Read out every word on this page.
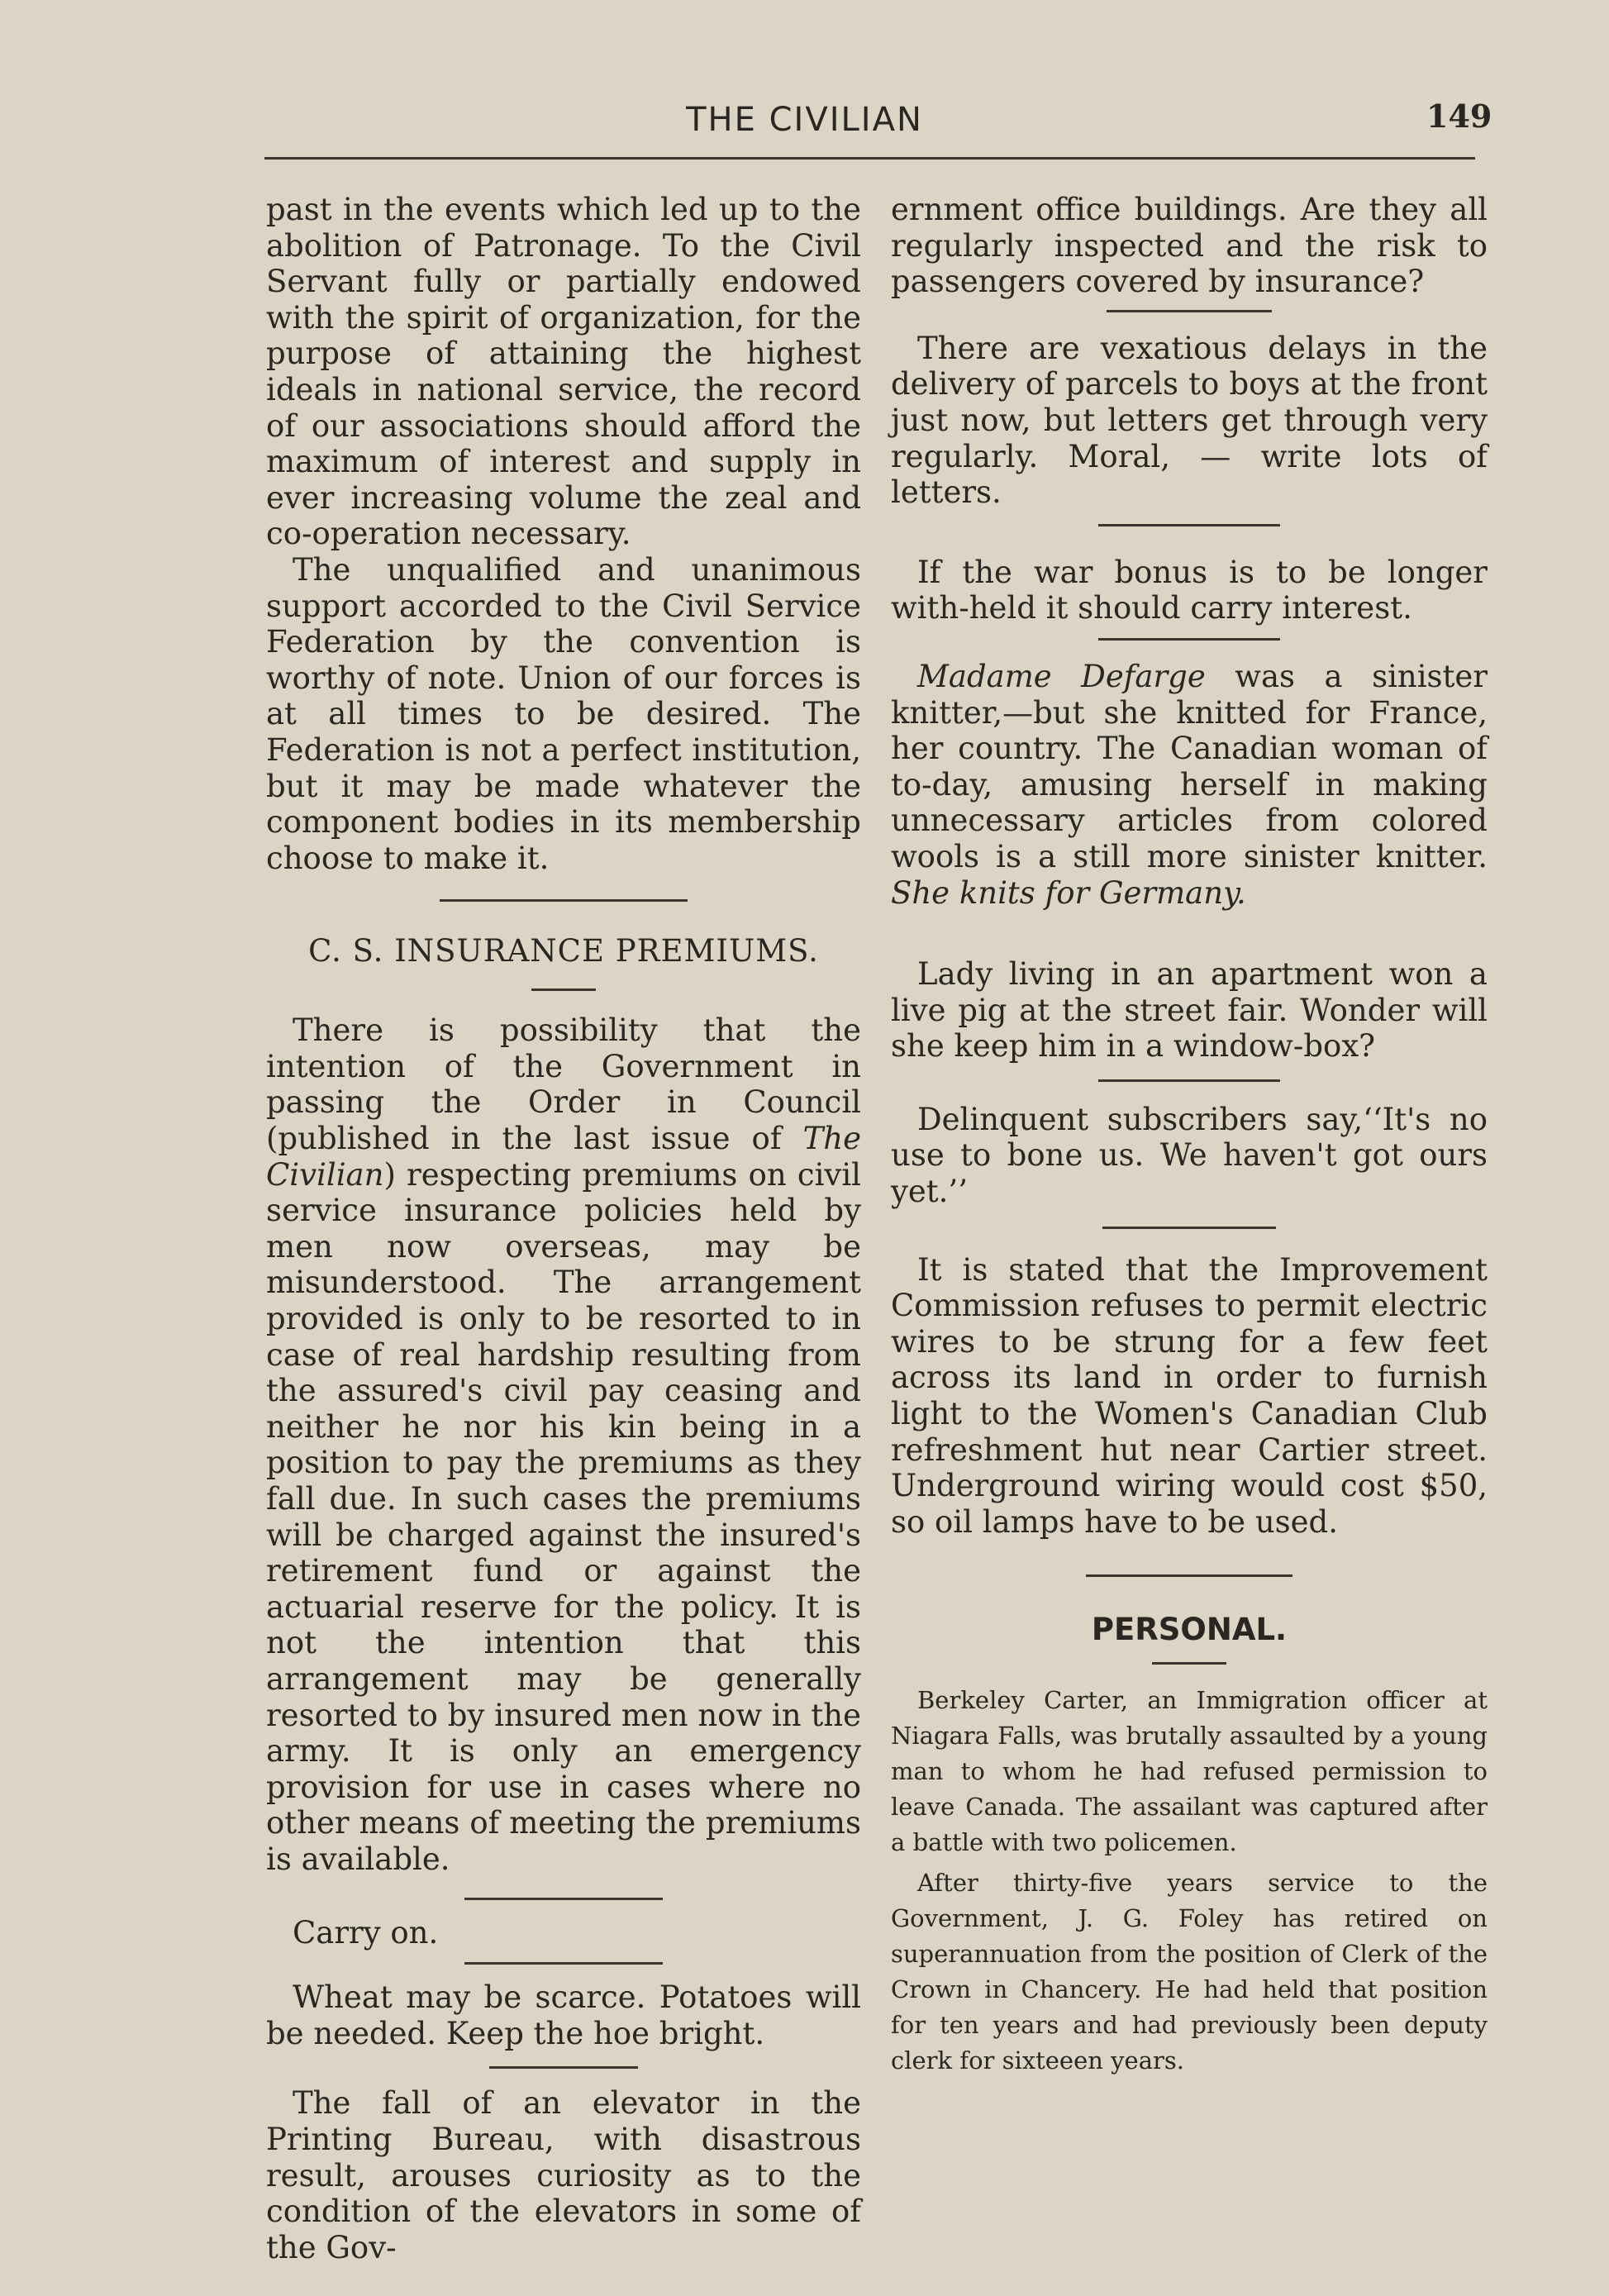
THE CIVILIAN	149

past in the events which led up to the abolition of Patronage. To the Civil Servant fully or partially endowed with the spirit of organization, for the purpose of attaining the highest ideals in national service, the record of our associations should afford the maximum of interest and supply in ever increasing volume the zeal and co-operation necessary.

The unqualified and unanimous support accorded to the Civil Service Federation by the convention is worthy of note. Union of our forces is at all times to be desired. The Federation is not a perfect institution, but it may be made whatever the component bodies in its membership choose to make it.

C. S. INSURANCE PREMIUMS.

There is possibility that the intention of the Government in passing the Order in Council (published in the last issue of The Civilian) respecting premiums on civil service insurance policies held by men now overseas, may be misunderstood. The arrangement provided is only to be resorted to in case of real hardship resulting from the assured's civil pay ceasing and neither he nor his kin being in a position to pay the premiums as they fall due. In such cases the premiums will be charged against the insured's retirement fund or against the actuarial reserve for the policy. It is not the intention that this arrangement may be generally resorted to by insured men now in the army. It is only an emergency provision for use in cases where no other means of meeting the premiums is available.

Carry on.

Wheat may be scarce. Potatoes will be needed. Keep the hoe bright.

The fall of an elevator in the Printing Bureau, with disastrous result, arouses curiosity as to the condition of the elevators in some of the Gov-

ernment office buildings. Are they all regularly inspected and the risk to passengers covered by insurance?

There are vexatious delays in the delivery of parcels to boys at the front just now, but letters get through very regularly. Moral, — write lots of letters.

If the war bonus is to be longer with-held it should carry interest.

Madame Defarge was a sinister knitter,—but she knitted for France, her country. The Canadian woman of to-day, amusing herself in making unnecessary articles from colored wools is a still more sinister knitter. She knits for Germany.

Lady living in an apartment won a live pig at the street fair. Wonder will she keep him in a window-box?

Delinquent subscribers say,‘‘It's no use to bone us. We haven't got ours yet.’’

It is stated that the Improvement Commission refuses to permit electric wires to be strung for a few feet across its land in order to furnish light to the Women's Canadian Club refreshment hut near Cartier street. Underground wiring would cost $50, so oil lamps have to be used.

PERSONAL.

Berkeley Carter, an Immigration officer at Niagara Falls, was brutally assaulted by a young man to whom he had refused permission to leave Canada. The assailant was captured after a battle with two policemen.

After thirty-five years service to the Government, J. G. Foley has retired on superannuation from the position of Clerk of the Crown in Chancery. He had held that position for ten years and had previously been deputy clerk for sixteeen years.
